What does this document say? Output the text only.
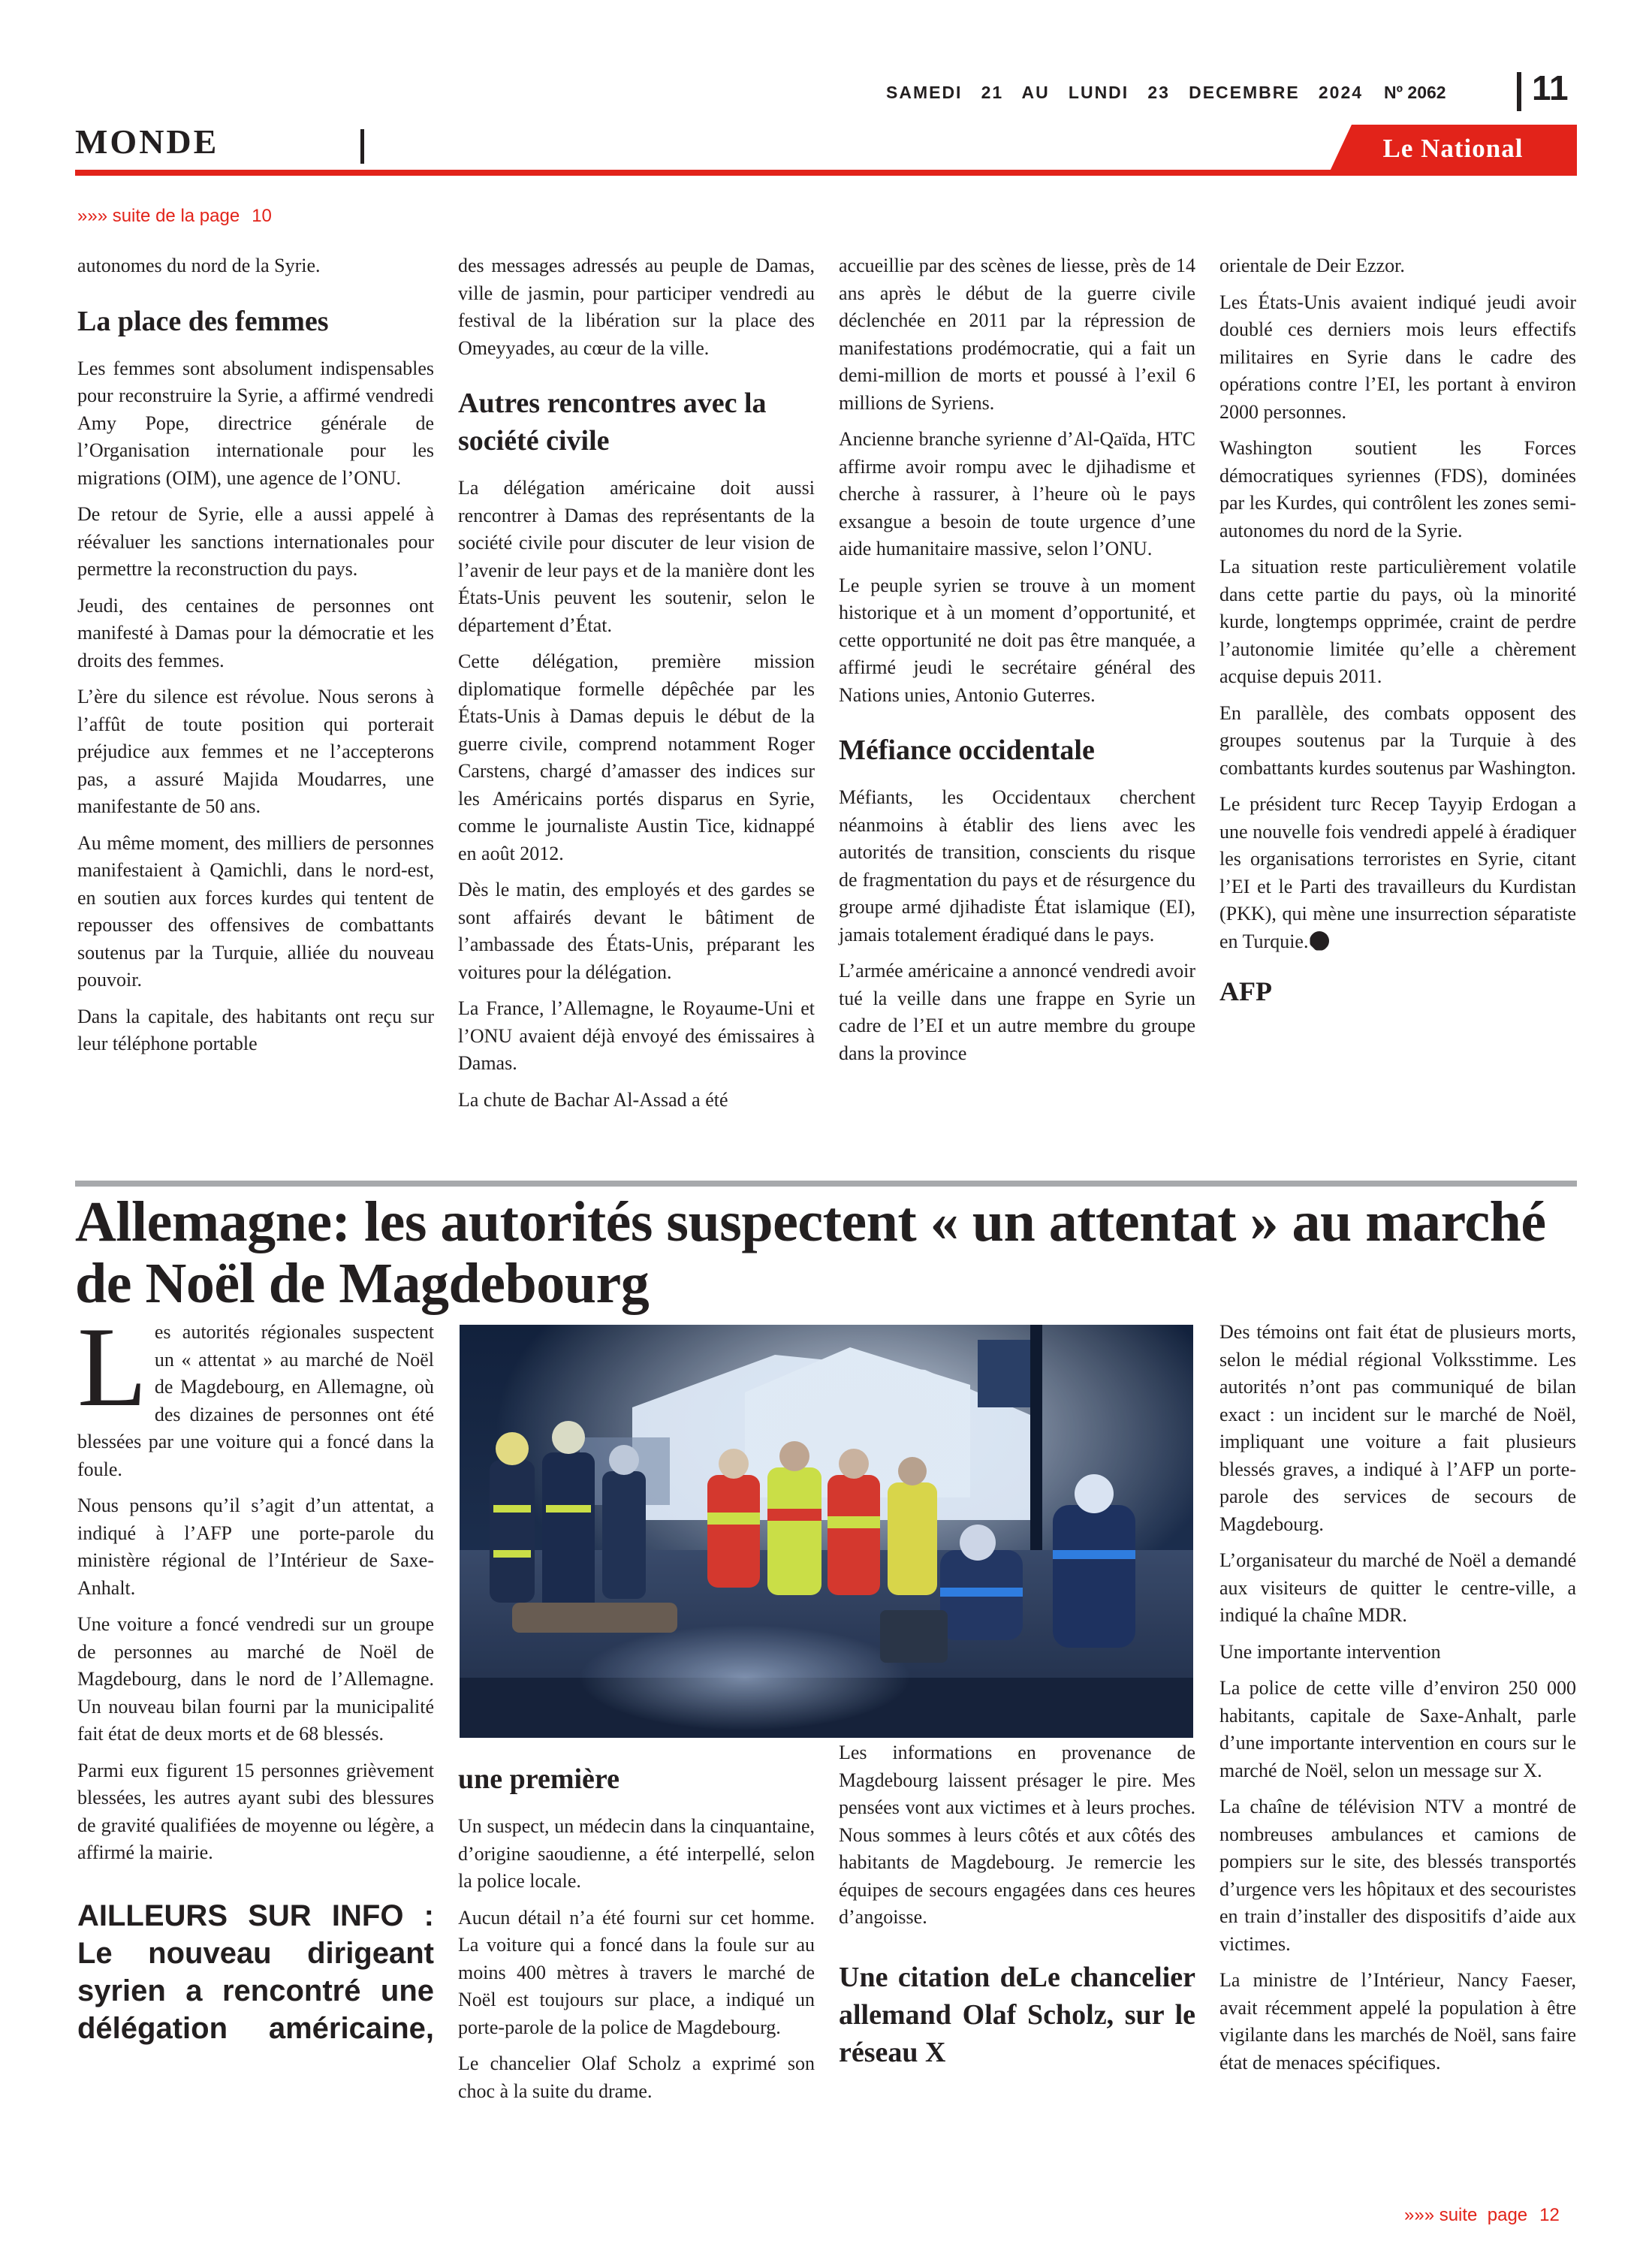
SAMEDI   21   AU   LUNDI   23   DECEMBRE   2024 Nº 2062 11
MONDE	Le National
»»» suite de la page 10

autonomes du nord de la Syrie.

La place des femmes

Les femmes sont absolument indispensables pour reconstruire la Syrie, a affirmé vendredi Amy Pope, directrice générale de l’Organisation internationale pour les migrations (OIM), une agence de l’ONU.

De retour de Syrie, elle a aussi appelé à réévaluer les sanctions internationales pour permettre la reconstruction du pays.

Jeudi, des centaines de personnes ont manifesté à Damas pour la démocratie et les droits des femmes.

L’ère du silence est révolue. Nous serons à l’affût de toute position qui porterait préjudice aux femmes et ne l’accepterons pas, a assuré Majida Moudarres, une manifestante de 50 ans.

Au même moment, des milliers de personnes manifestaient à Qamichli, dans le nord-est, en soutien aux forces kurdes qui tentent de repousser des offensives de combattants soutenus par la Turquie, alliée du nouveau pouvoir.

Dans la capitale, des habitants ont reçu sur leur téléphone portable

des messages adressés au peuple de Damas, ville de jasmin, pour participer vendredi au festival de la libération sur la place des Omeyyades, au cœur de la ville.

Autres rencontres avec la société civile

La délégation américaine doit aussi rencontrer à Damas des représentants de la société civile pour discuter de leur vision de l’avenir de leur pays et de la manière dont les États-Unis peuvent les soutenir, selon le département d’État.

Cette délégation, première mission diplomatique formelle dépêchée par les États-Unis à Damas depuis le début de la guerre civile, comprend notamment Roger Carstens, chargé d’amasser des indices sur les Américains portés disparus en Syrie, comme le journaliste Austin Tice, kidnappé en août 2012.

Dès le matin, des employés et des gardes se sont affairés devant le bâtiment de l’ambassade des États-Unis, préparant les voitures pour la délégation.

La France, l’Allemagne, le Royaume-Uni et l’ONU avaient déjà envoyé des émissaires à Damas.

La chute de Bachar Al-Assad a été

accueillie par des scènes de liesse, près de 14 ans après le début de la guerre civile déclenchée en 2011 par la répression de manifestations prodémocratie, qui a fait un demi-million de morts et poussé à l’exil 6 millions de Syriens.

Ancienne branche syrienne d’Al-Qaïda, HTC affirme avoir rompu avec le djihadisme et cherche à rassurer, à l’heure où le pays exsangue a besoin de toute urgence d’une aide humanitaire massive, selon l’ONU.

Le peuple syrien se trouve à un moment historique et à un moment d’opportunité, et cette opportunité ne doit pas être manquée, a affirmé jeudi le secrétaire général des Nations unies, Antonio Guterres.

Méfiance occidentale

Méfiants, les Occidentaux cherchent néanmoins à établir des liens avec les autorités de transition, conscients du risque de fragmentation du pays et de résurgence du groupe armé djihadiste État islamique (EI), jamais totalement éradiqué dans le pays.

L’armée américaine a annoncé vendredi avoir tué la veille dans une frappe en Syrie un cadre de l’EI et un autre membre du groupe dans la province

orientale de Deir Ezzor.

Les États-Unis avaient indiqué jeudi avoir doublé ces derniers mois leurs effectifs militaires en Syrie dans le cadre des opérations contre l’EI, les portant à environ 2000 personnes.

Washington soutient les Forces démocratiques syriennes (FDS), dominées par les Kurdes, qui contrôlent les zones semi-autonomes du nord de la Syrie.

La situation reste particulièrement volatile dans cette partie du pays, où la minorité kurde, longtemps opprimée, craint de perdre l’autonomie limitée qu’elle a chèrement acquise depuis 2011.

En parallèle, des combats opposent des groupes soutenus par la Turquie à des combattants kurdes soutenus par Washington.

Le président turc Recep Tayyip Erdogan a une nouvelle fois vendredi appelé à éradiquer les organisations terroristes en Syrie, citant l’EI et le Parti des travailleurs du Kurdistan (PKK), qui mène une insurrection séparatiste en Turquie.

AFP
Allemagne: les autorités suspectent « un attentat » au marché de Noël de Magdebourg

Les autorités régionales suspectent un « attentat » au marché de Noël de Magdebourg, en Allemagne, où des dizaines de personnes ont été blessées par une voiture qui a foncé dans la foule.

Nous pensons qu’il s’agit d’un attentat, a indiqué à l’AFP une porte-parole du ministère régional de l’Intérieur de Saxe-Anhalt.

Une voiture a foncé vendredi sur un groupe de personnes au marché de Noël de Magdebourg, dans le nord de l’Allemagne. Un nouveau bilan fourni par la municipalité fait état de deux morts et de 68 blessés.

Parmi eux figurent 15 personnes grièvement blessées, les autres ayant subi des blessures de gravité qualifiées de moyenne ou légère, a affirmé la mairie.

AILLEURS SUR INFO : Le nouveau dirigeant syrien a rencontré une délégation américaine,
une première

Un suspect, un médecin dans la cinquantaine, d’origine saoudienne, a été interpellé, selon la police locale.

Aucun détail n’a été fourni sur cet homme. La voiture qui a foncé dans la foule sur au moins 400 mètres à travers le marché de Noël est toujours sur place, a indiqué un porte-parole de la police de Magdebourg.

Le chancelier Olaf Scholz a exprimé son choc à la suite du drame.

Les informations en provenance de Magdebourg laissent présager le pire. Mes pensées vont aux victimes et à leurs proches. Nous sommes à leurs côtés et aux côtés des habitants de Magdebourg. Je remercie les équipes de secours engagées dans ces heures d’angoisse.

Une citation deLe chancelier allemand Olaf Scholz, sur le réseau X

Des témoins ont fait état de plusieurs morts, selon le médial régional Volksstimme. Les autorités n’ont pas communiqué de bilan exact : un incident sur le marché de Noël, impliquant une voiture a fait plusieurs blessés graves, a indiqué à l’AFP un porte-parole des services de secours de Magdebourg.

L’organisateur du marché de Noël a demandé aux visiteurs de quitter le centre-ville, a indiqué la chaîne MDR.

Une importante intervention

La police de cette ville d’environ 250 000 habitants, capitale de Saxe-Anhalt, parle d’une importante intervention en cours sur le marché de Noël, selon un message sur X.

La chaîne de télévision NTV a montré de nombreuses ambulances et camions de pompiers sur le site, des blessés transportés d’urgence vers les hôpitaux et des secouristes en train d’installer des dispositifs d’aide aux victimes.

La ministre de l’Intérieur, Nancy Faeser, avait récemment appelé la population à être vigilante dans les marchés de Noël, sans faire état de menaces spécifiques.

»»» suite  page 12
